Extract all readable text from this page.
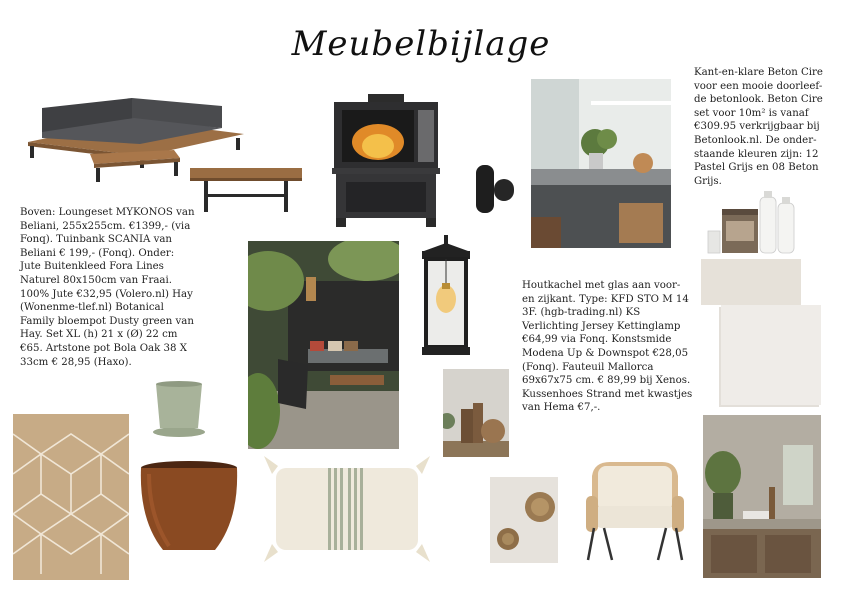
Meubelbijlage
Boven: Loungeset MYKONOS van Beliani, 255x255cm. €1399,- (via Fonq). Tuinbank SCANIA van Beliani € 199,- (Fonq). Onder: Jute Buitenkleed Fora Lines Naturel 80x150cm van Fraai. 100% Jute €32,95 (Volero.nl) Hay (Wonenme-tlef.nl) Botanical Family bloempot Dusty green van Hay. Set XL (h) 21 x (Ø) 22 cm €65. Artstone pot Bola Oak 38 X 33cm € 28,95 (Haxo).
Kant-en-klare Beton Cire voor een mooie doorleef-de betonlook. Beton Cire set voor 10m² is vanaf €309.95 verkrijgbaar bij Betonlook.nl. De onder-staande kleuren zijn: 12 Pastel Grijs en 08 Beton Grijs.
Houtkachel met glas aan voor- en zijkant. Type: KFD STO M 14 3F. (hgb-trading.nl) KS Verlichting Jersey Kettinglamp €64,99 via Fonq. Konstsmide Modena Up & Downspot €28,05 (Fonq). Fauteuil Mallorca 69x67x75 cm. € 89,99 bij Xenos. Kussenhoes Strand met kwastjes van Hema €7,-.
